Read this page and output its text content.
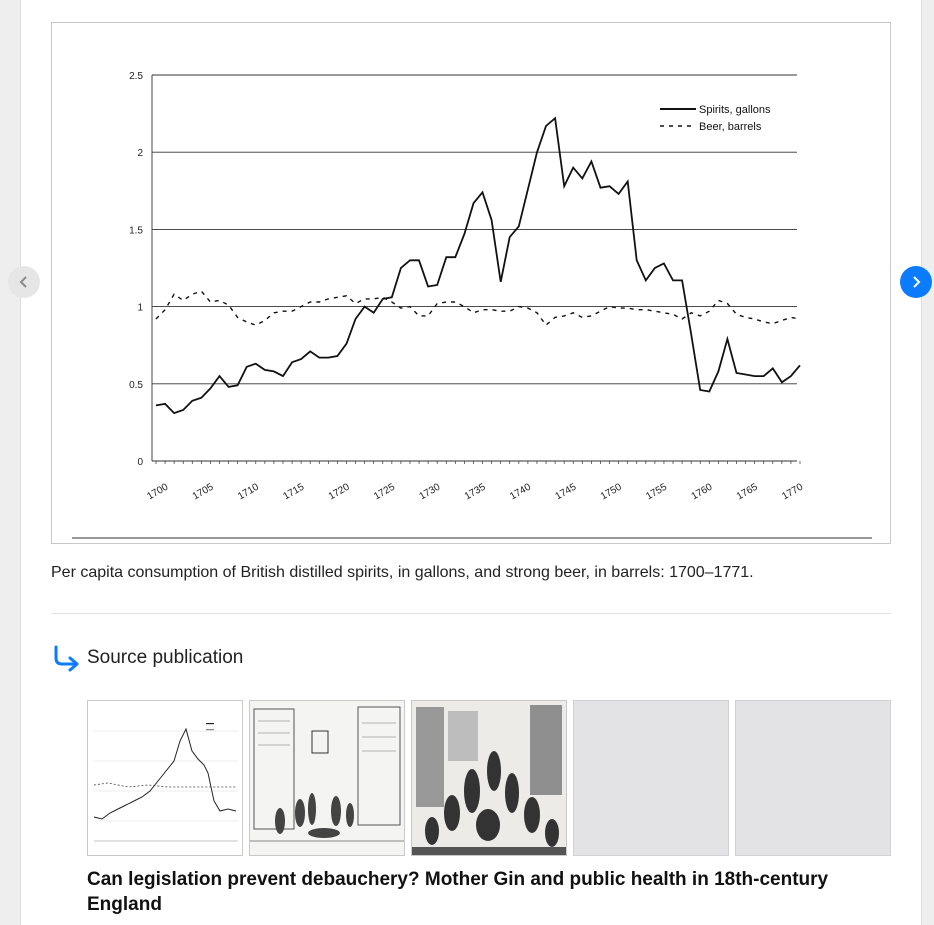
0
0.5
1
1.5
2
2.5
1700 1705 1710 1715 1720 1725 1730 1735 1740 1745 1750 1755 1760 1765 1770
Spirits, gallons
Beer, barrels
Per capita consumption of British distilled spirits, in gallons, and strong beer, in barrels: 1700–1771.
Source publication
Can legislation prevent debauchery? Mother Gin and public health in 18th-century England
